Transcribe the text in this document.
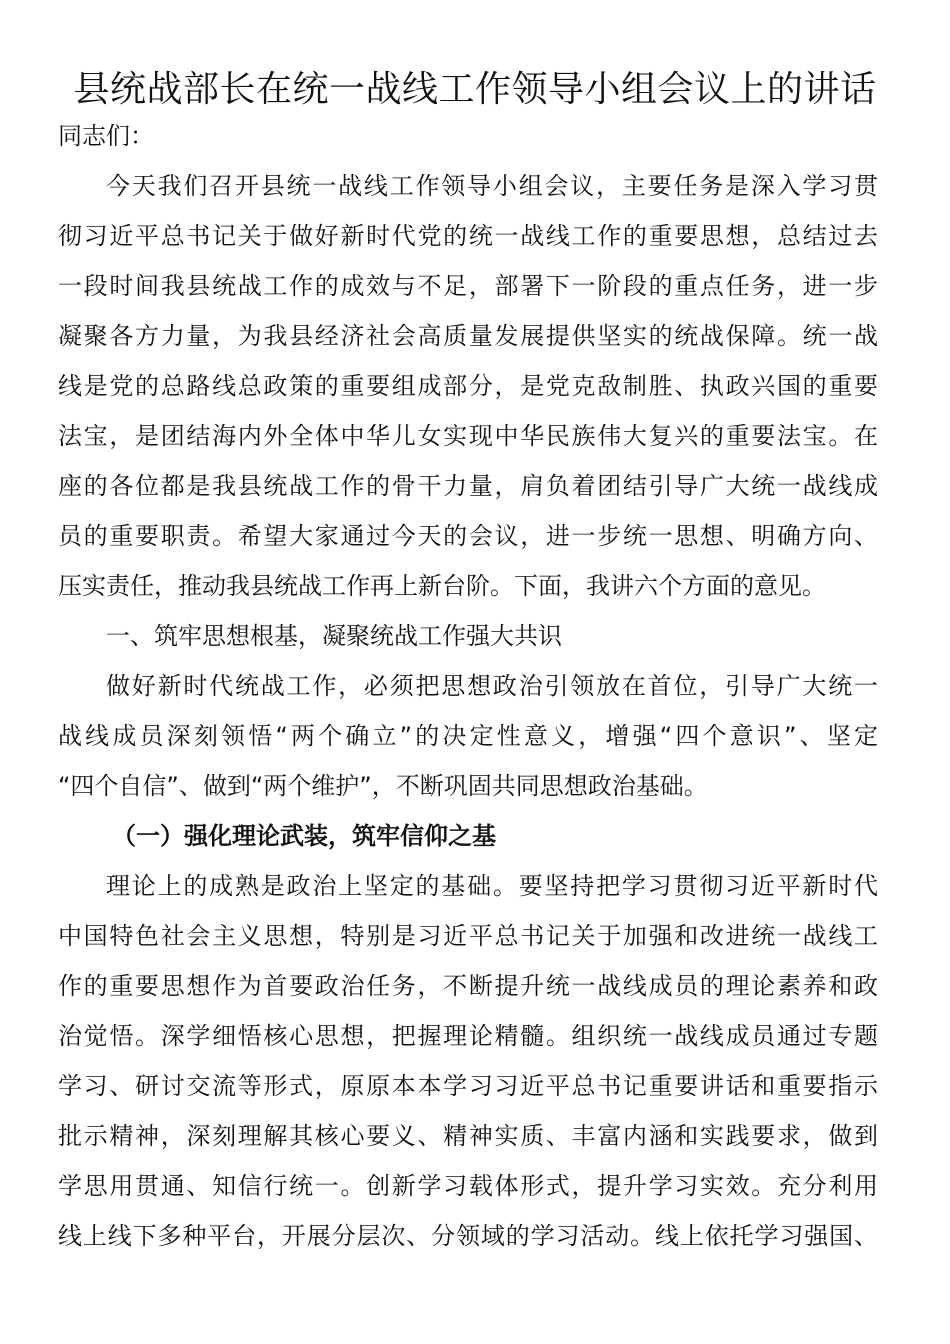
县统战部长在统一战线工作领导小组会议上的讲话
同志们：
今天我们召开县统一战线工作领导小组会议，主要任务是深入学习贯
彻习近平总书记关于做好新时代党的统一战线工作的重要思想，总结过去
一段时间我县统战工作的成效与不足，部署下一阶段的重点任务，进一步
凝聚各方力量，为我县经济社会高质量发展提供坚实的统战保障。统一战
线是党的总路线总政策的重要组成部分，是党克敌制胜、执政兴国的重要
法宝，是团结海内外全体中华儿女实现中华民族伟大复兴的重要法宝。在
座的各位都是我县统战工作的骨干力量，肩负着团结引导广大统一战线成
员的重要职责。希望大家通过今天的会议，进一步统一思想、明确方向、
压实责任，推动我县统战工作再上新台阶。下面，我讲六个方面的意见。
一、筑牢思想根基，凝聚统战工作强大共识
做好新时代统战工作，必须把思想政治引领放在首位，引导广大统一
战线成员深刻领悟“两个确立”的决定性意义，增强“四个意识”、坚定
“四个自信”、做到“两个维护”，不断巩固共同思想政治基础。
（一）强化理论武装，筑牢信仰之基
理论上的成熟是政治上坚定的基础。要坚持把学习贯彻习近平新时代
中国特色社会主义思想，特别是习近平总书记关于加强和改进统一战线工
作的重要思想作为首要政治任务，不断提升统一战线成员的理论素养和政
治觉悟。深学细悟核心思想，把握理论精髓。组织统一战线成员通过专题
学习、研讨交流等形式，原原本本学习习近平总书记重要讲话和重要指示
批示精神，深刻理解其核心要义、精神实质、丰富内涵和实践要求，做到
学思用贯通、知信行统一。创新学习载体形式，提升学习实效。充分利用
线上线下多种平台，开展分层次、分领域的学习活动。线上依托学习强国、
